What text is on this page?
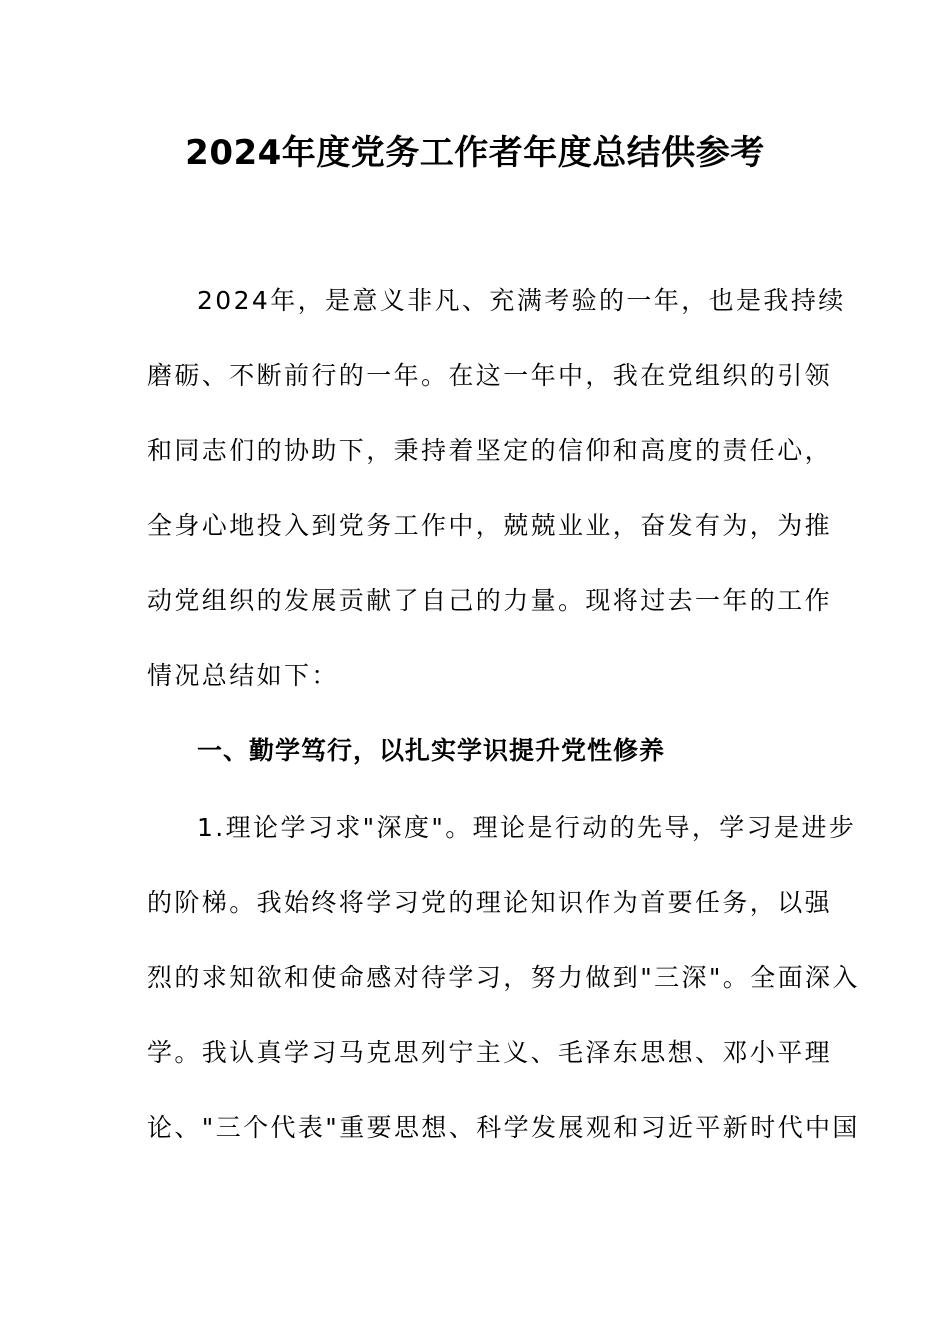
2024年度党务工作者年度总结供参考
2024年，是意义非凡、充满考验的一年，也是我持续
磨砺、不断前行的一年。在这一年中，我在党组织的引领
和同志们的协助下，秉持着坚定的信仰和高度的责任心，
全身心地投入到党务工作中，兢兢业业，奋发有为，为推
动党组织的发展贡献了自己的力量。现将过去一年的工作
情况总结如下：
一、勤学笃行，以扎实学识提升党性修养
1.理论学习求"深度"。理论是行动的先导，学习是进步
的阶梯。我始终将学习党的理论知识作为首要任务，以强
烈的求知欲和使命感对待学习，努力做到"三深"。全面深入
学。我认真学习马克思列宁主义、毛泽东思想、邓小平理
论、"三个代表"重要思想、科学发展观和习近平新时代中国
